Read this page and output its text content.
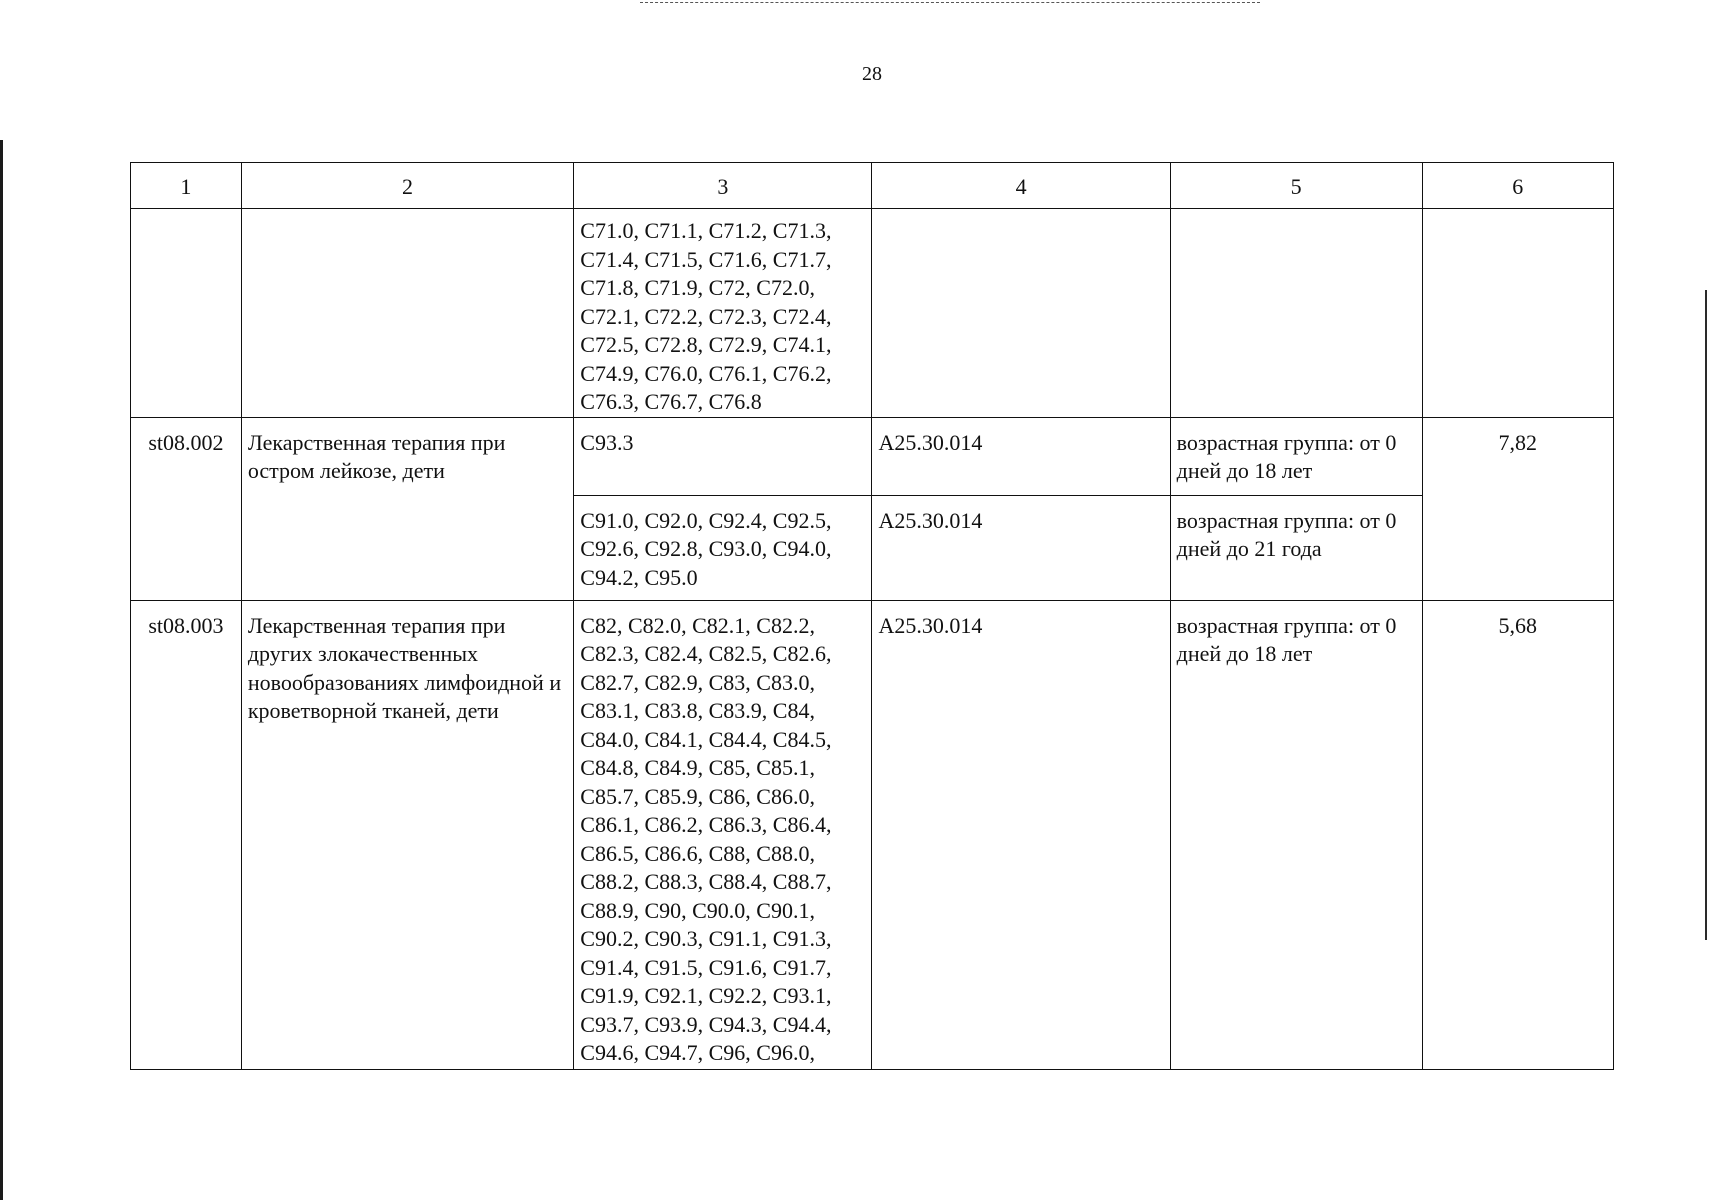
28
1	2	3	4	5	6
		C71.0, C71.1, C71.2, C71.3, C71.4, C71.5, C71.6, C71.7, C71.8, C71.9, C72, C72.0, C72.1, C72.2, C72.3, C72.4, C72.5, C72.8, C72.9, C74.1, C74.9, C76.0, C76.1, C76.2, C76.3, C76.7, C76.8			
st08.002	Лекарственная терапия при остром лейкозе, дети	C93.3	A25.30.014	возрастная группа: от 0 дней до 18 лет	7,82
		C91.0, C92.0, C92.4, C92.5, C92.6, C92.8, C93.0, C94.0, C94.2, C95.0	A25.30.014	возрастная группа: от 0 дней до 21 года	
st08.003	Лекарственная терапия при других злокачественных новообразованиях лимфоидной и кроветворной тканей, дети	C82, C82.0, C82.1, C82.2, C82.3, C82.4, C82.5, C82.6, C82.7, C82.9, C83, C83.0, C83.1, C83.8, C83.9, C84, C84.0, C84.1, C84.4, C84.5, C84.8, C84.9, C85, C85.1, C85.7, C85.9, C86, C86.0, C86.1, C86.2, C86.3, C86.4, C86.5, C86.6, C88, C88.0, C88.2, C88.3, C88.4, C88.7, C88.9, C90, C90.0, C90.1, C90.2, C90.3, C91.1, C91.3, C91.4, C91.5, C91.6, C91.7, C91.9, C92.1, C92.2, C93.1, C93.7, C93.9, C94.3, C94.4, C94.6, C94.7, C96, C96.0,	A25.30.014	возрастная группа: от 0 дней до 18 лет	5,68
